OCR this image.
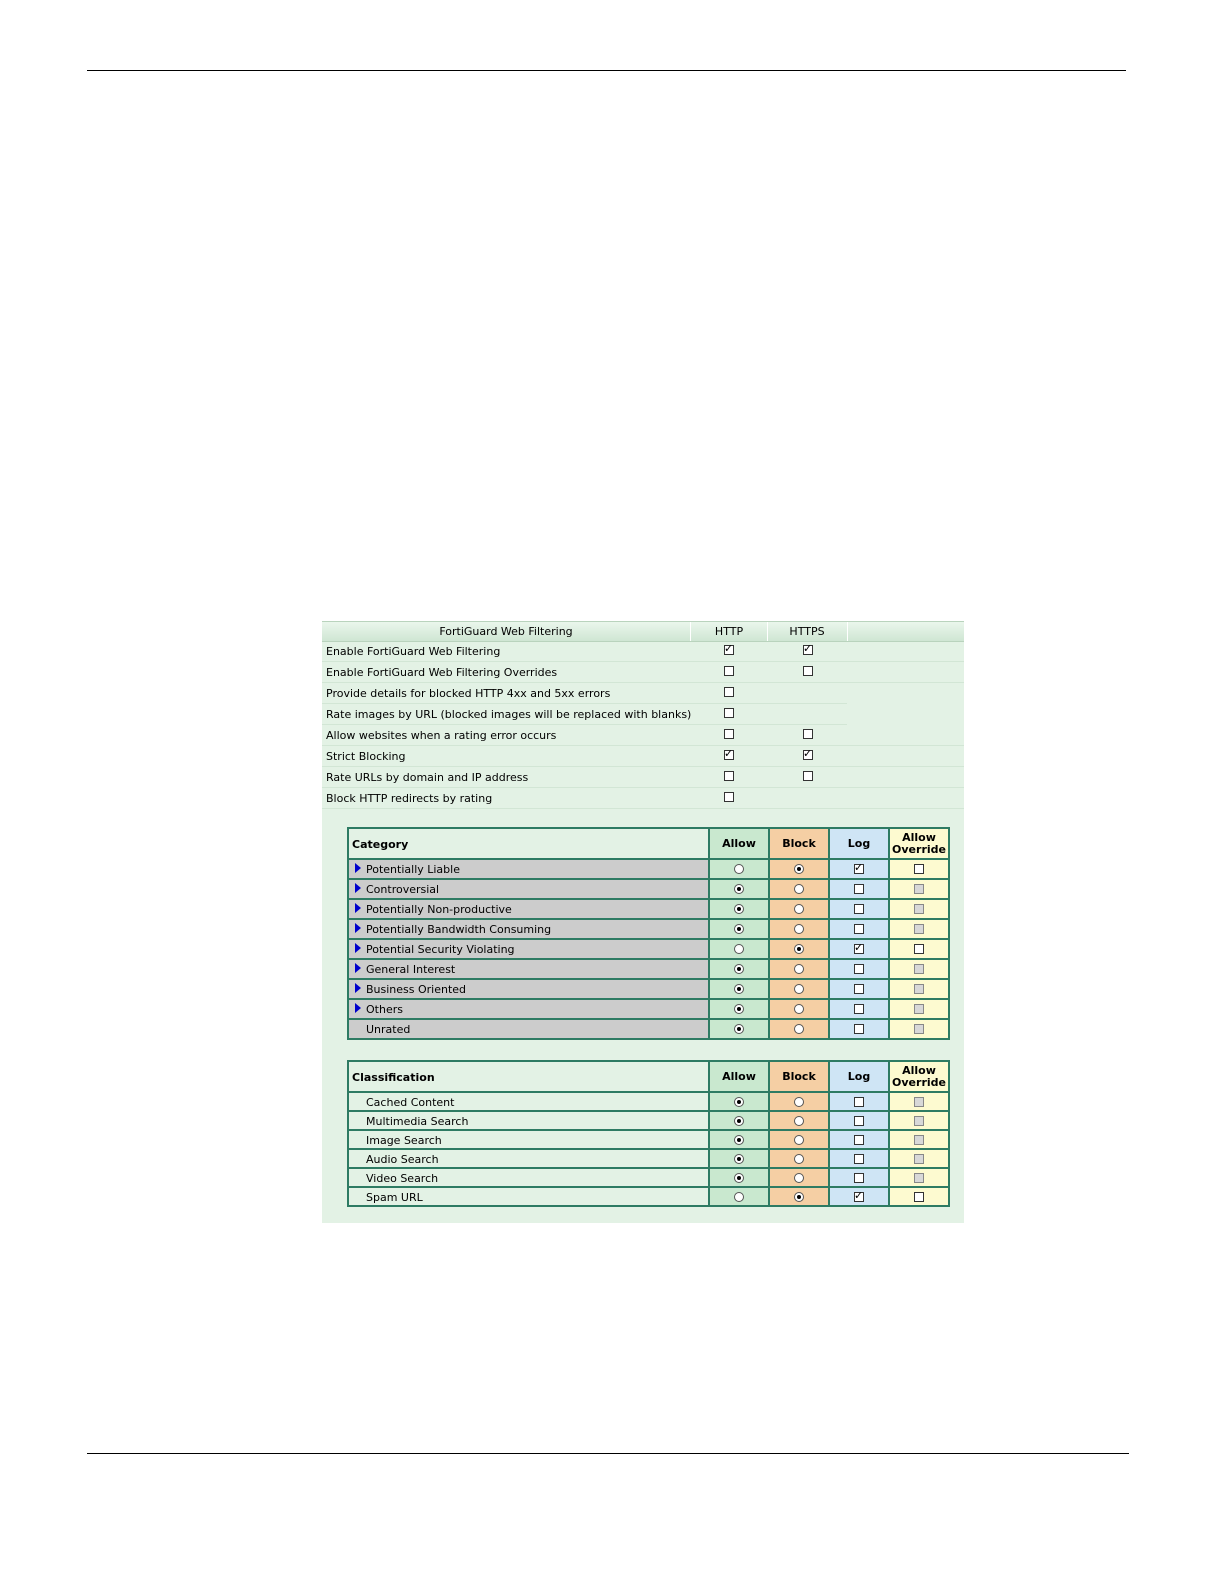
FortiGuard Web Filtering	HTTP	HTTPS
Enable FortiGuard Web Filtering	✓	✓
Enable FortiGuard Web Filtering Overrides
Provide details for blocked HTTP 4xx and 5xx errors
Rate images by URL (blocked images will be replaced with blanks)
Allow websites when a rating error occurs
Strict Blocking	✓	✓
Rate URLs by domain and IP address
Block HTTP redirects by rating
Category	Allow	Block	Log	Allow Override

Potentially Liable			✓	

Controversial				

Potentially Non-productive				

Potentially Bandwidth Consuming				

Potential Security Violating			✓	

General Interest				

Business Oriented				

Others				

Unrated				

Classification	Allow	Block	Log	Allow Override

Cached Content				

Multimedia Search				

Image Search				

Audio Search				

Video Search				

Spam URL			✓	
